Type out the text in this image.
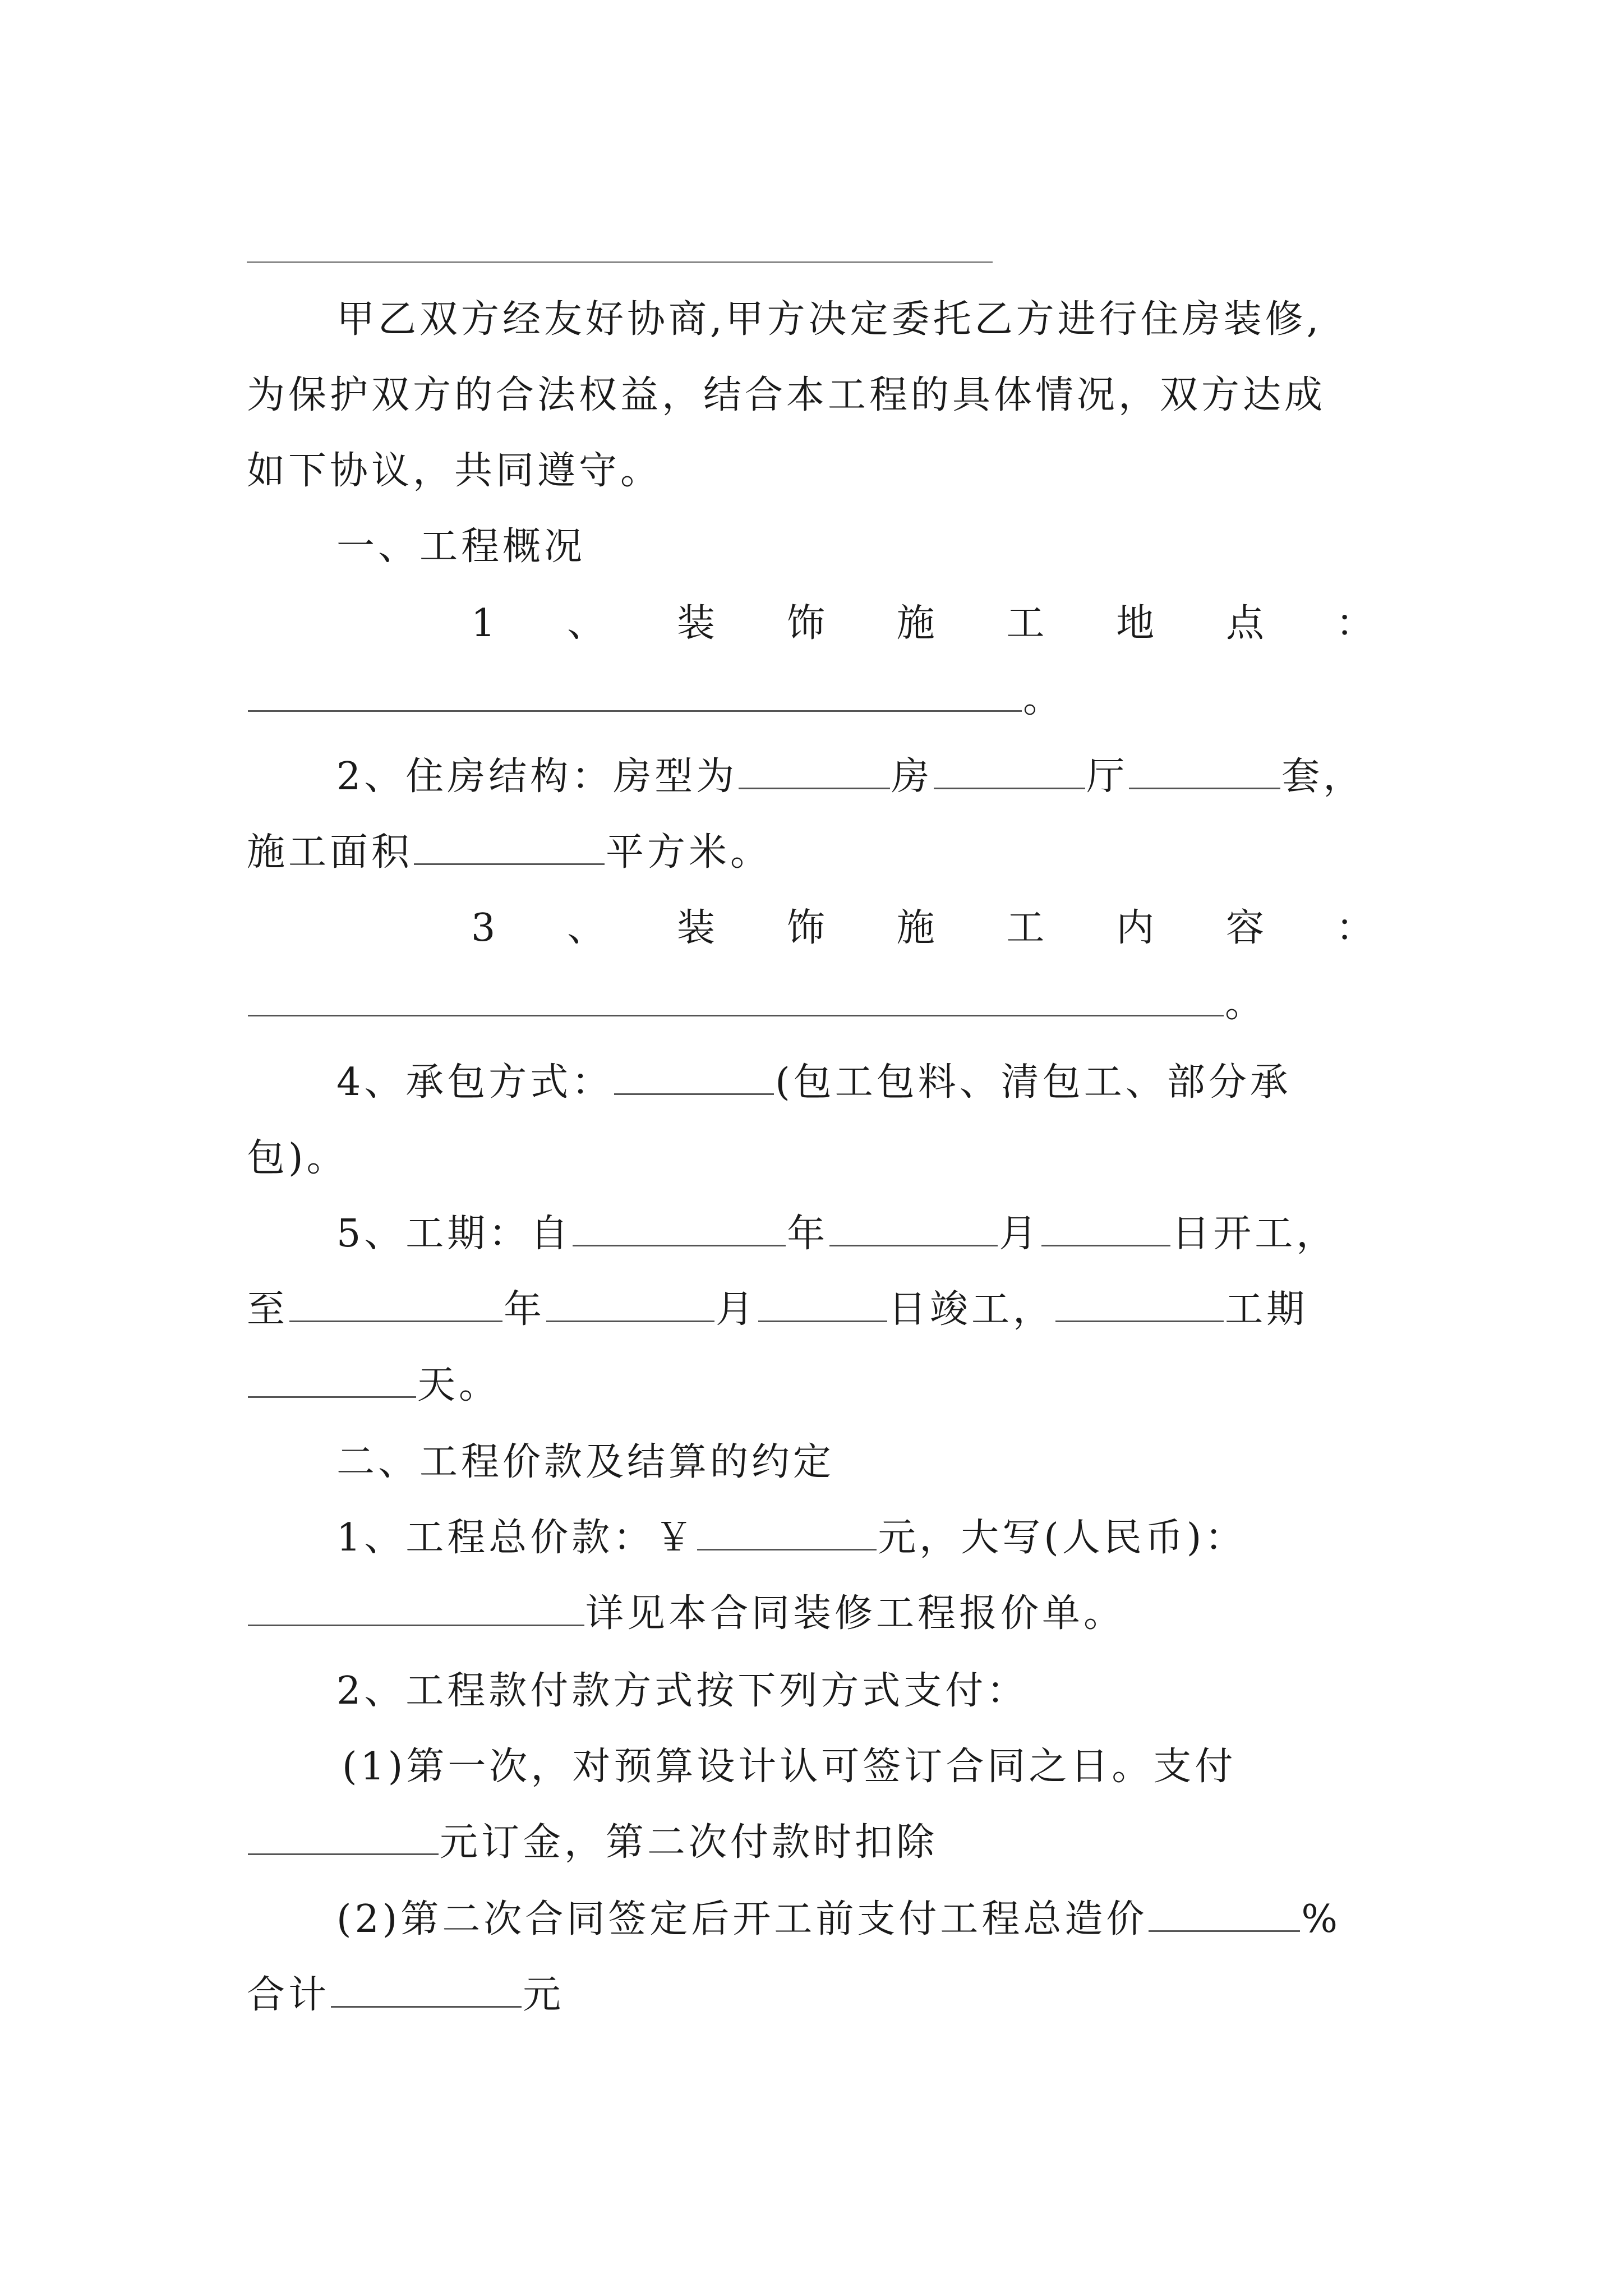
甲乙双方经友好协商,甲方决定委托乙方进行住房装修,
为保护双方的合法权益，结合本工程的具体情况，双方达成
如下协议，共同遵守。
一、工程概况
1 、 装 饰 施 工 地 点 ：
。
2、住房结构：房型为	房	厅	套，
施工面积	平方米。
3 、 装 饰 施 工 内 容 ：
。
4、承包方式：	(包工包料、清包工、部分承
包)。
5、工期：自	年	月	日开工，
至	年	月	日竣工，	工期
天。
二、工程价款及结算的约定
1、工程总价款：￥	元，大写(人民币)：
详见本合同装修工程报价单。
2、工程款付款方式按下列方式支付：
(1)第一次，对预算设计认可签订合同之日。支付
元订金，第二次付款时扣除
(2)第二次合同签定后开工前支付工程总造价	%
合计	元
